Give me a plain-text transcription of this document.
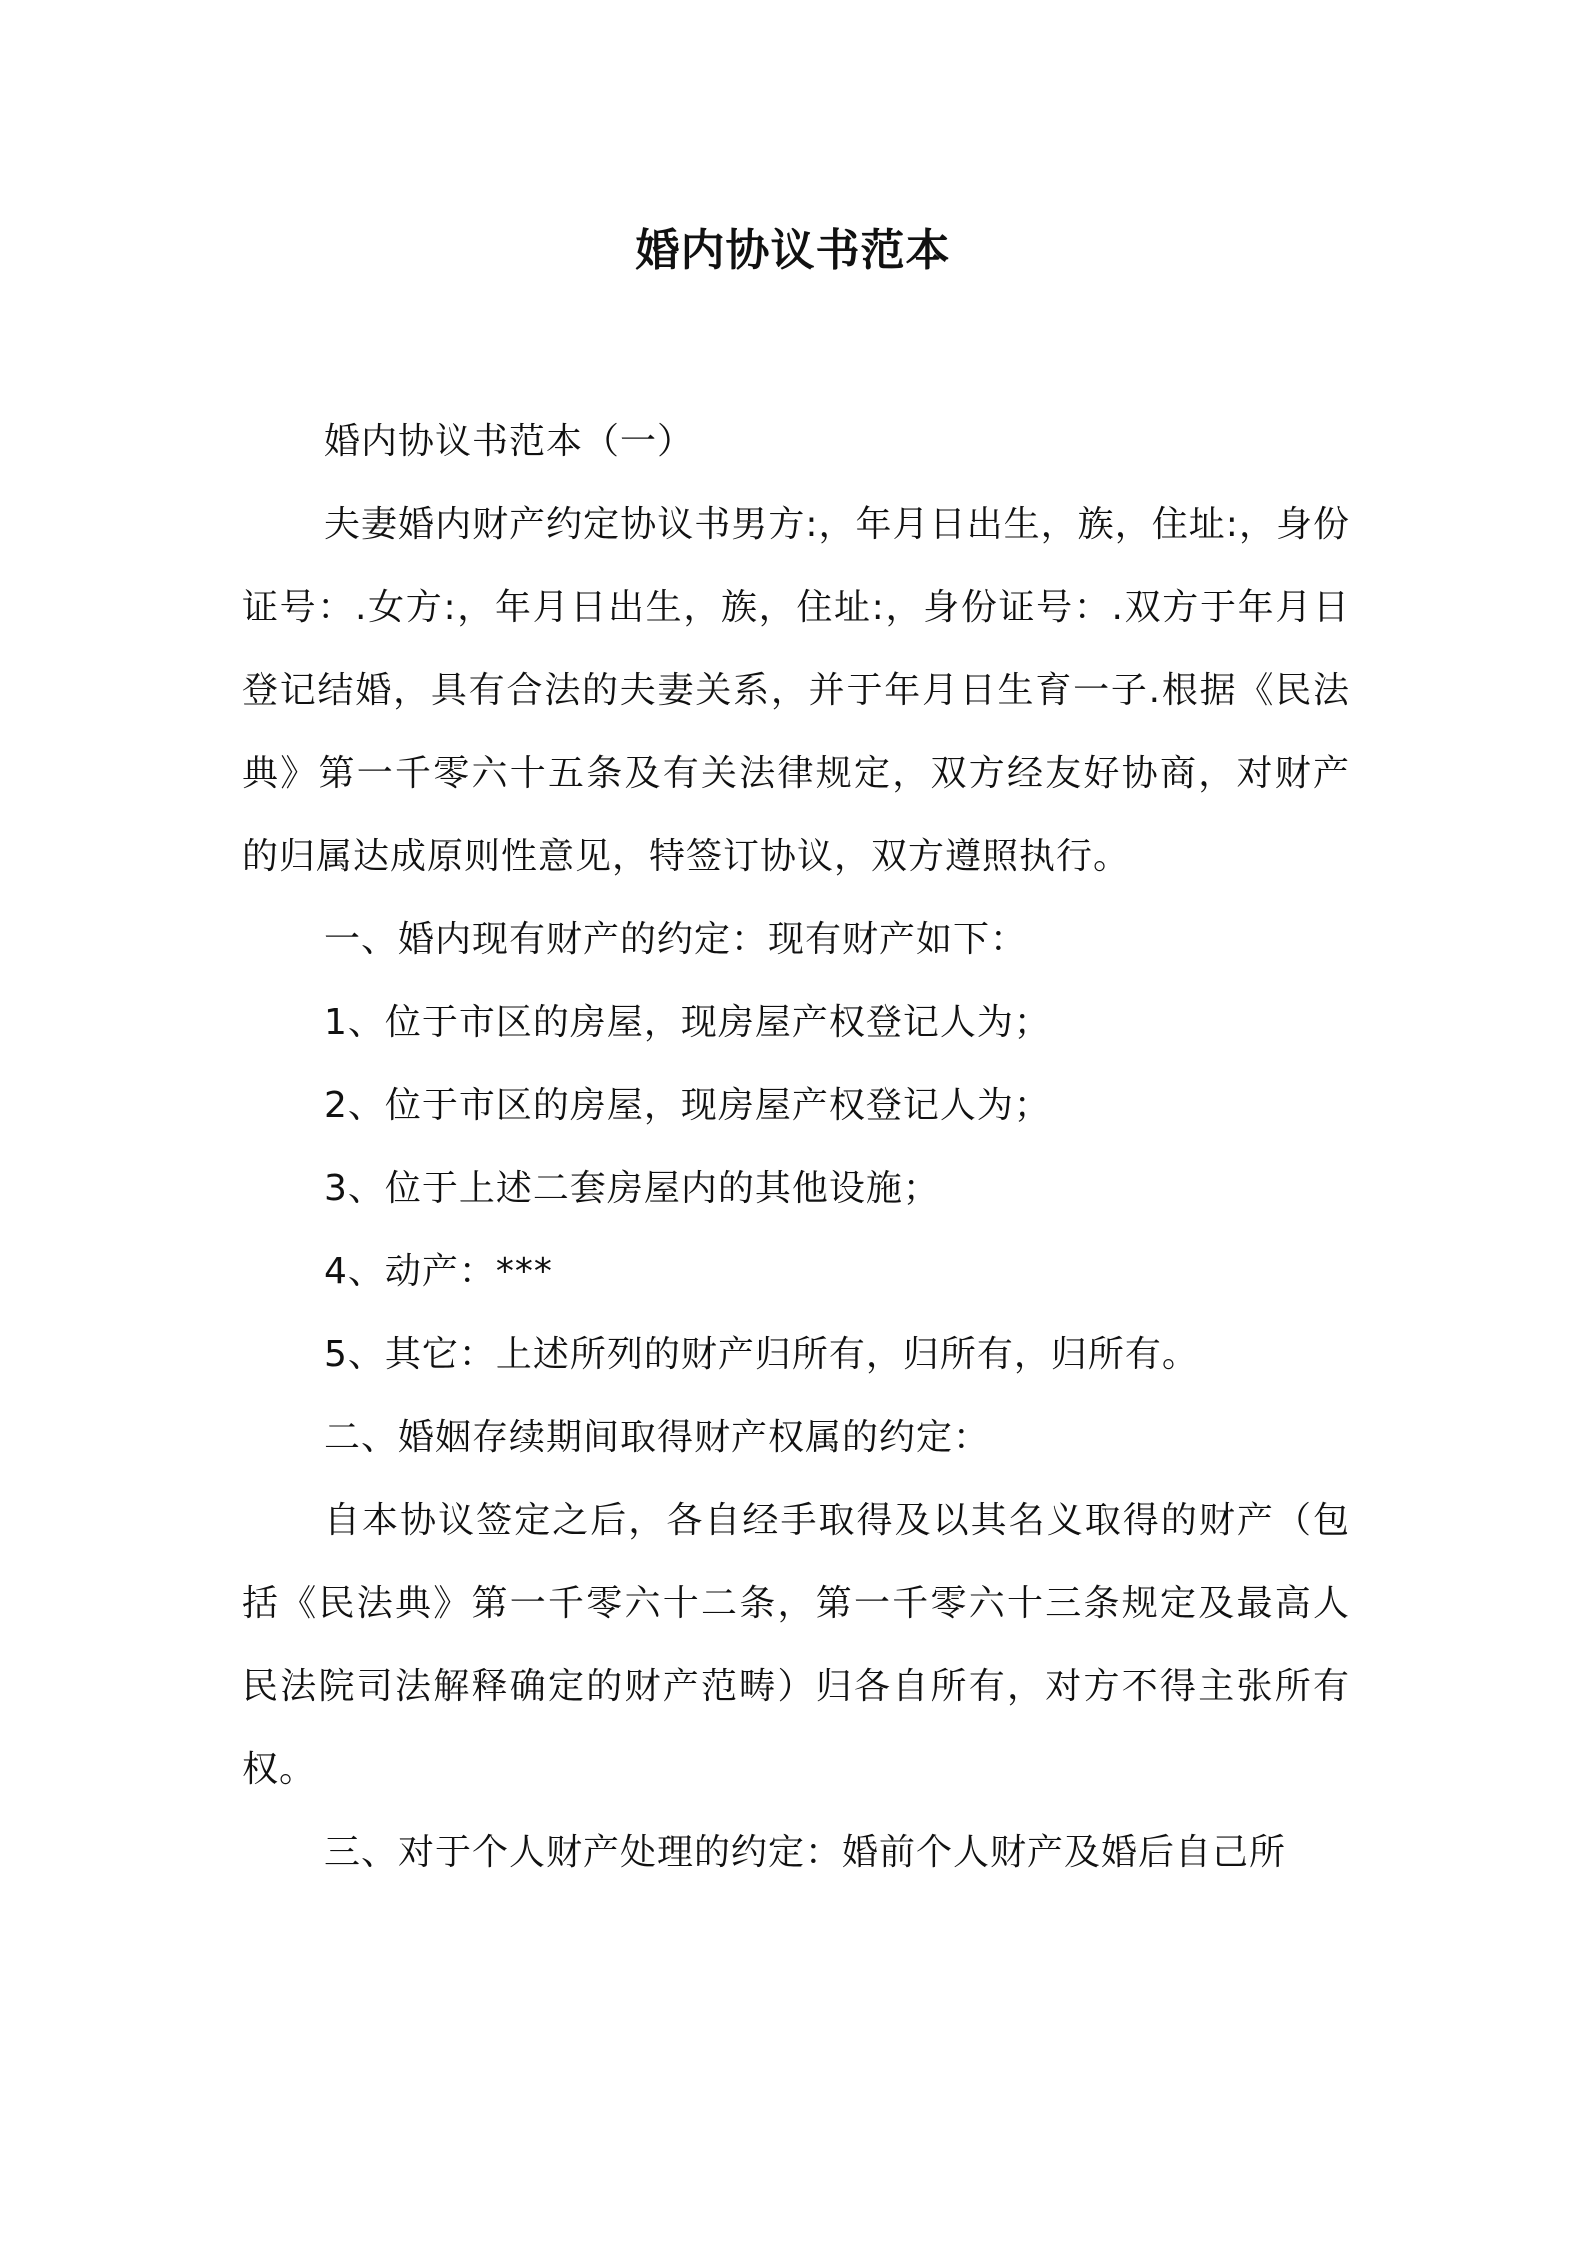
婚内协议书范本

婚内协议书范本（一）

夫妻婚内财产约定协议书男方:，年月日出生，族，住址:，身份证号：.女方:，年月日出生，族，住址:，身份证号：.双方于年月日登记结婚，具有合法的夫妻关系，并于年月日生育一子.根据《民法典》第一千零六十五条及有关法律规定，双方经友好协商，对财产的归属达成原则性意见，特签订协议，双方遵照执行。

一、婚内现有财产的约定：现有财产如下：

1、位于市区的房屋，现房屋产权登记人为；

2、位于市区的房屋，现房屋产权登记人为；

3、位于上述二套房屋内的其他设施；

4、动产：***

5、其它：上述所列的财产归所有，归所有，归所有。

二、婚姻存续期间取得财产权属的约定：

自本协议签定之后，各自经手取得及以其名义取得的财产（包括《民法典》第一千零六十二条，第一千零六十三条规定及最高人民法院司法解释确定的财产范畴）归各自所有，对方不得主张所有权。

三、对于个人财产处理的约定：婚前个人财产及婚后自己所
